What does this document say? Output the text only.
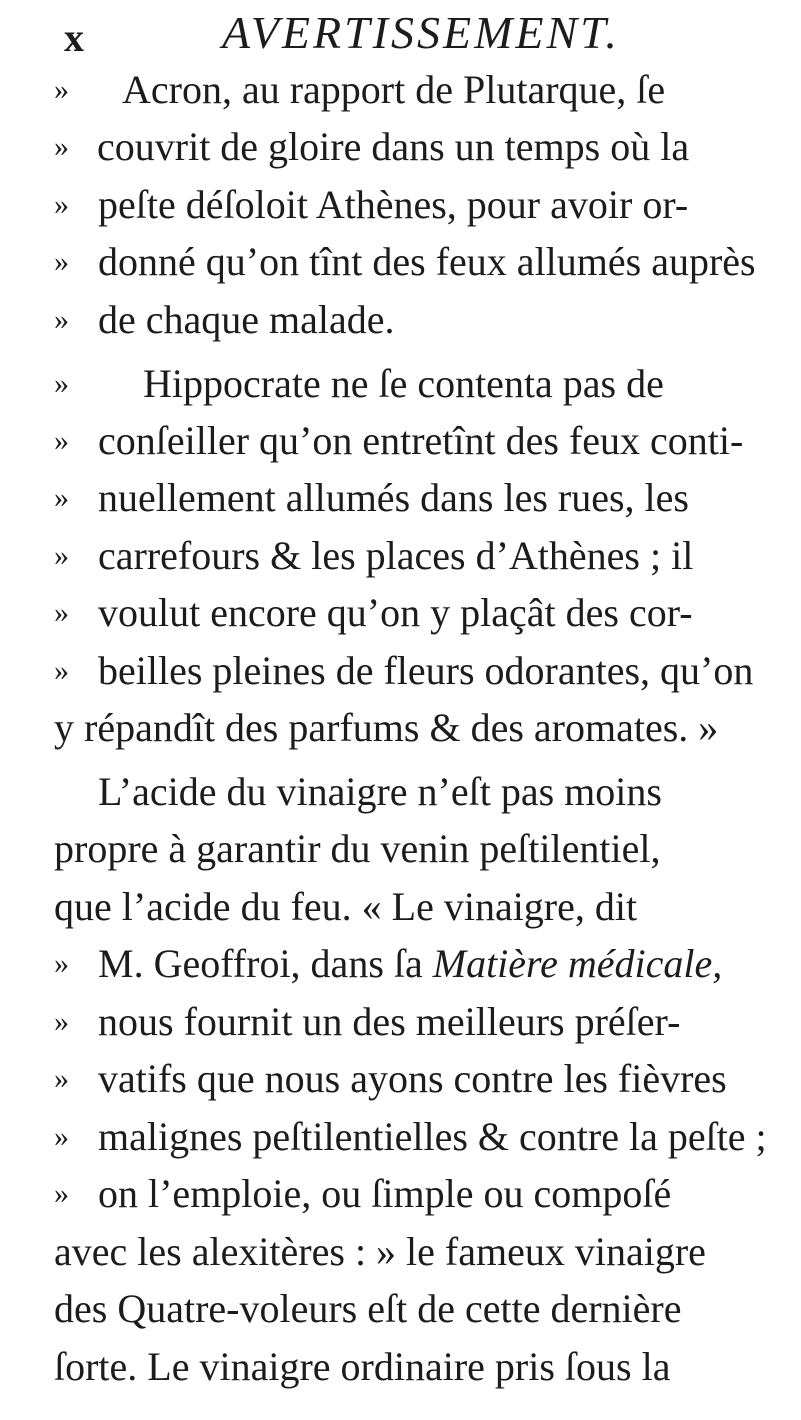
x	AVERTISSEMENT.
»	Acron, au rapport de Plutarque, ſe
» couvrit de gloire dans un temps où la
» peſte déſoloit Athènes, pour avoir or-
» donné qu’on tînt des feux allumés auprès
» de chaque malade.
»	Hippocrate ne ſe contenta pas de
» conſeiller qu’on entretînt des feux conti-
» nuellement allumés dans les rues, les
» carrefours & les places d’Athènes ; il
» voulut encore qu’on y plaçât des cor-
» beilles pleines de fleurs odorantes, qu’on
y répandît des parfums & des aromates. »
L’acide du vinaigre n’eſt pas moins
propre à garantir du venin peſtilentiel,
que l’acide du feu. « Le vinaigre, dit
» M. Geoffroi, dans ſa Matière médicale,
» nous fournit un des meilleurs préſer-
» vatifs que nous ayons contre les fièvres
» malignes peſtilentielles & contre la peſte ;
» on l’emploie, ou ſimple ou compoſé
avec les alexitères : » le fameux vinaigre
des Quatre-voleurs eſt de cette dernière
ſorte. Le vinaigre ordinaire pris ſous la
